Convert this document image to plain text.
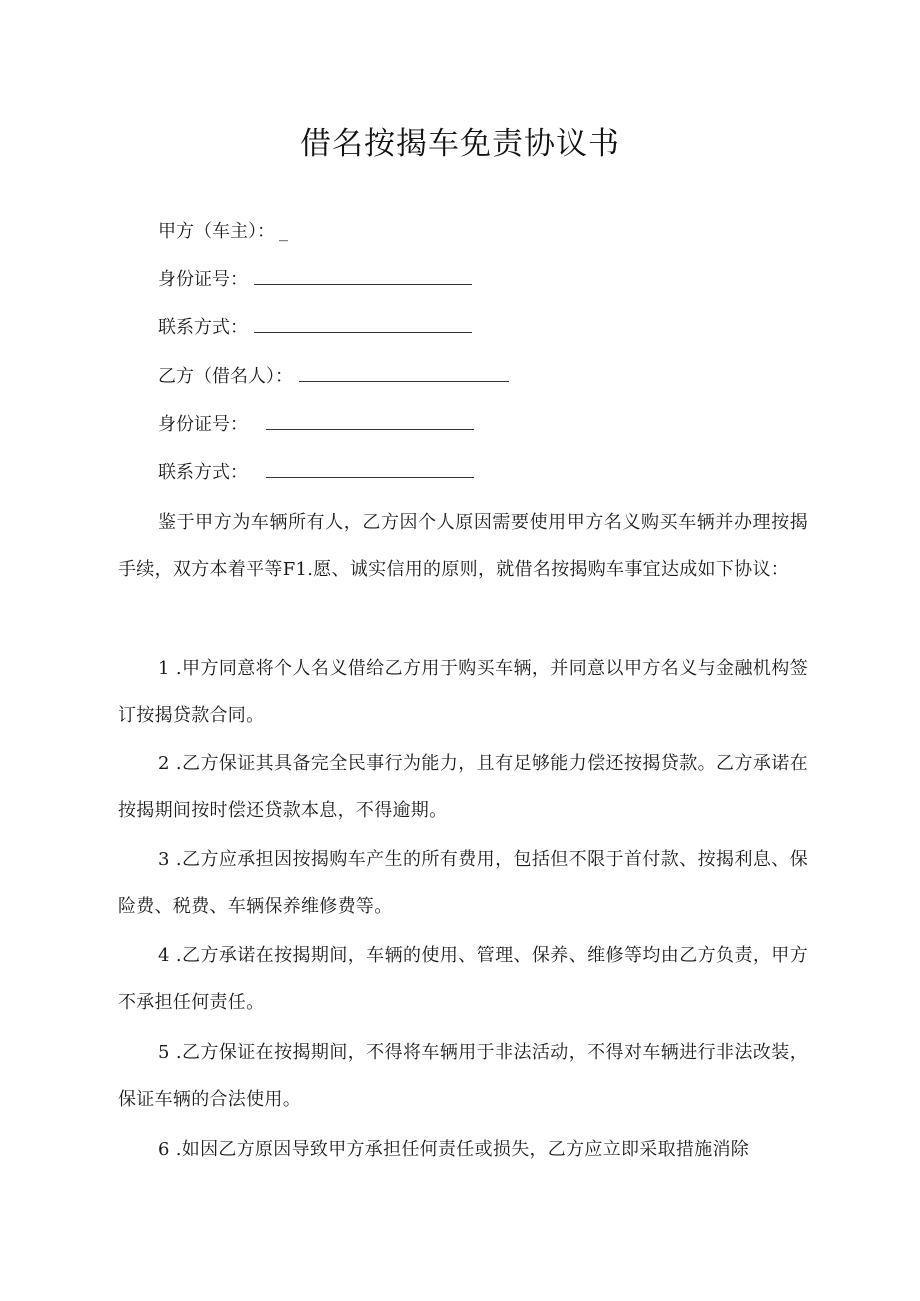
借名按揭车免责协议书
甲方（车主）： _
身份证号：
联系方式：
乙方（借名人）：
身份证号：
联系方式：

鉴于甲方为车辆所有人，乙方因个人原因需要使用甲方名义购买车辆并办理按揭手续，双方本着平等F1.愿、诚实信用的原则，就借名按揭购车事宜达成如下协议：

1 .甲方同意将个人名义借给乙方用于购买车辆，并同意以甲方名义与金融机构签订按揭贷款合同。

2 .乙方保证其具备完全民事行为能力，且有足够能力偿还按揭贷款。乙方承诺在按揭期间按时偿还贷款本息，不得逾期。

3 .乙方应承担因按揭购车产生的所有费用，包括但不限于首付款、按揭利息、保险费、税费、车辆保养维修费等。

4 .乙方承诺在按揭期间，车辆的使用、管理、保养、维修等均由乙方负责，甲方不承担任何责任。

5 .乙方保证在按揭期间，不得将车辆用于非法活动，不得对车辆进行非法改装，保证车辆的合法使用。

6 .如因乙方原因导致甲方承担任何责任或损失，乙方应立即采取措施消除
